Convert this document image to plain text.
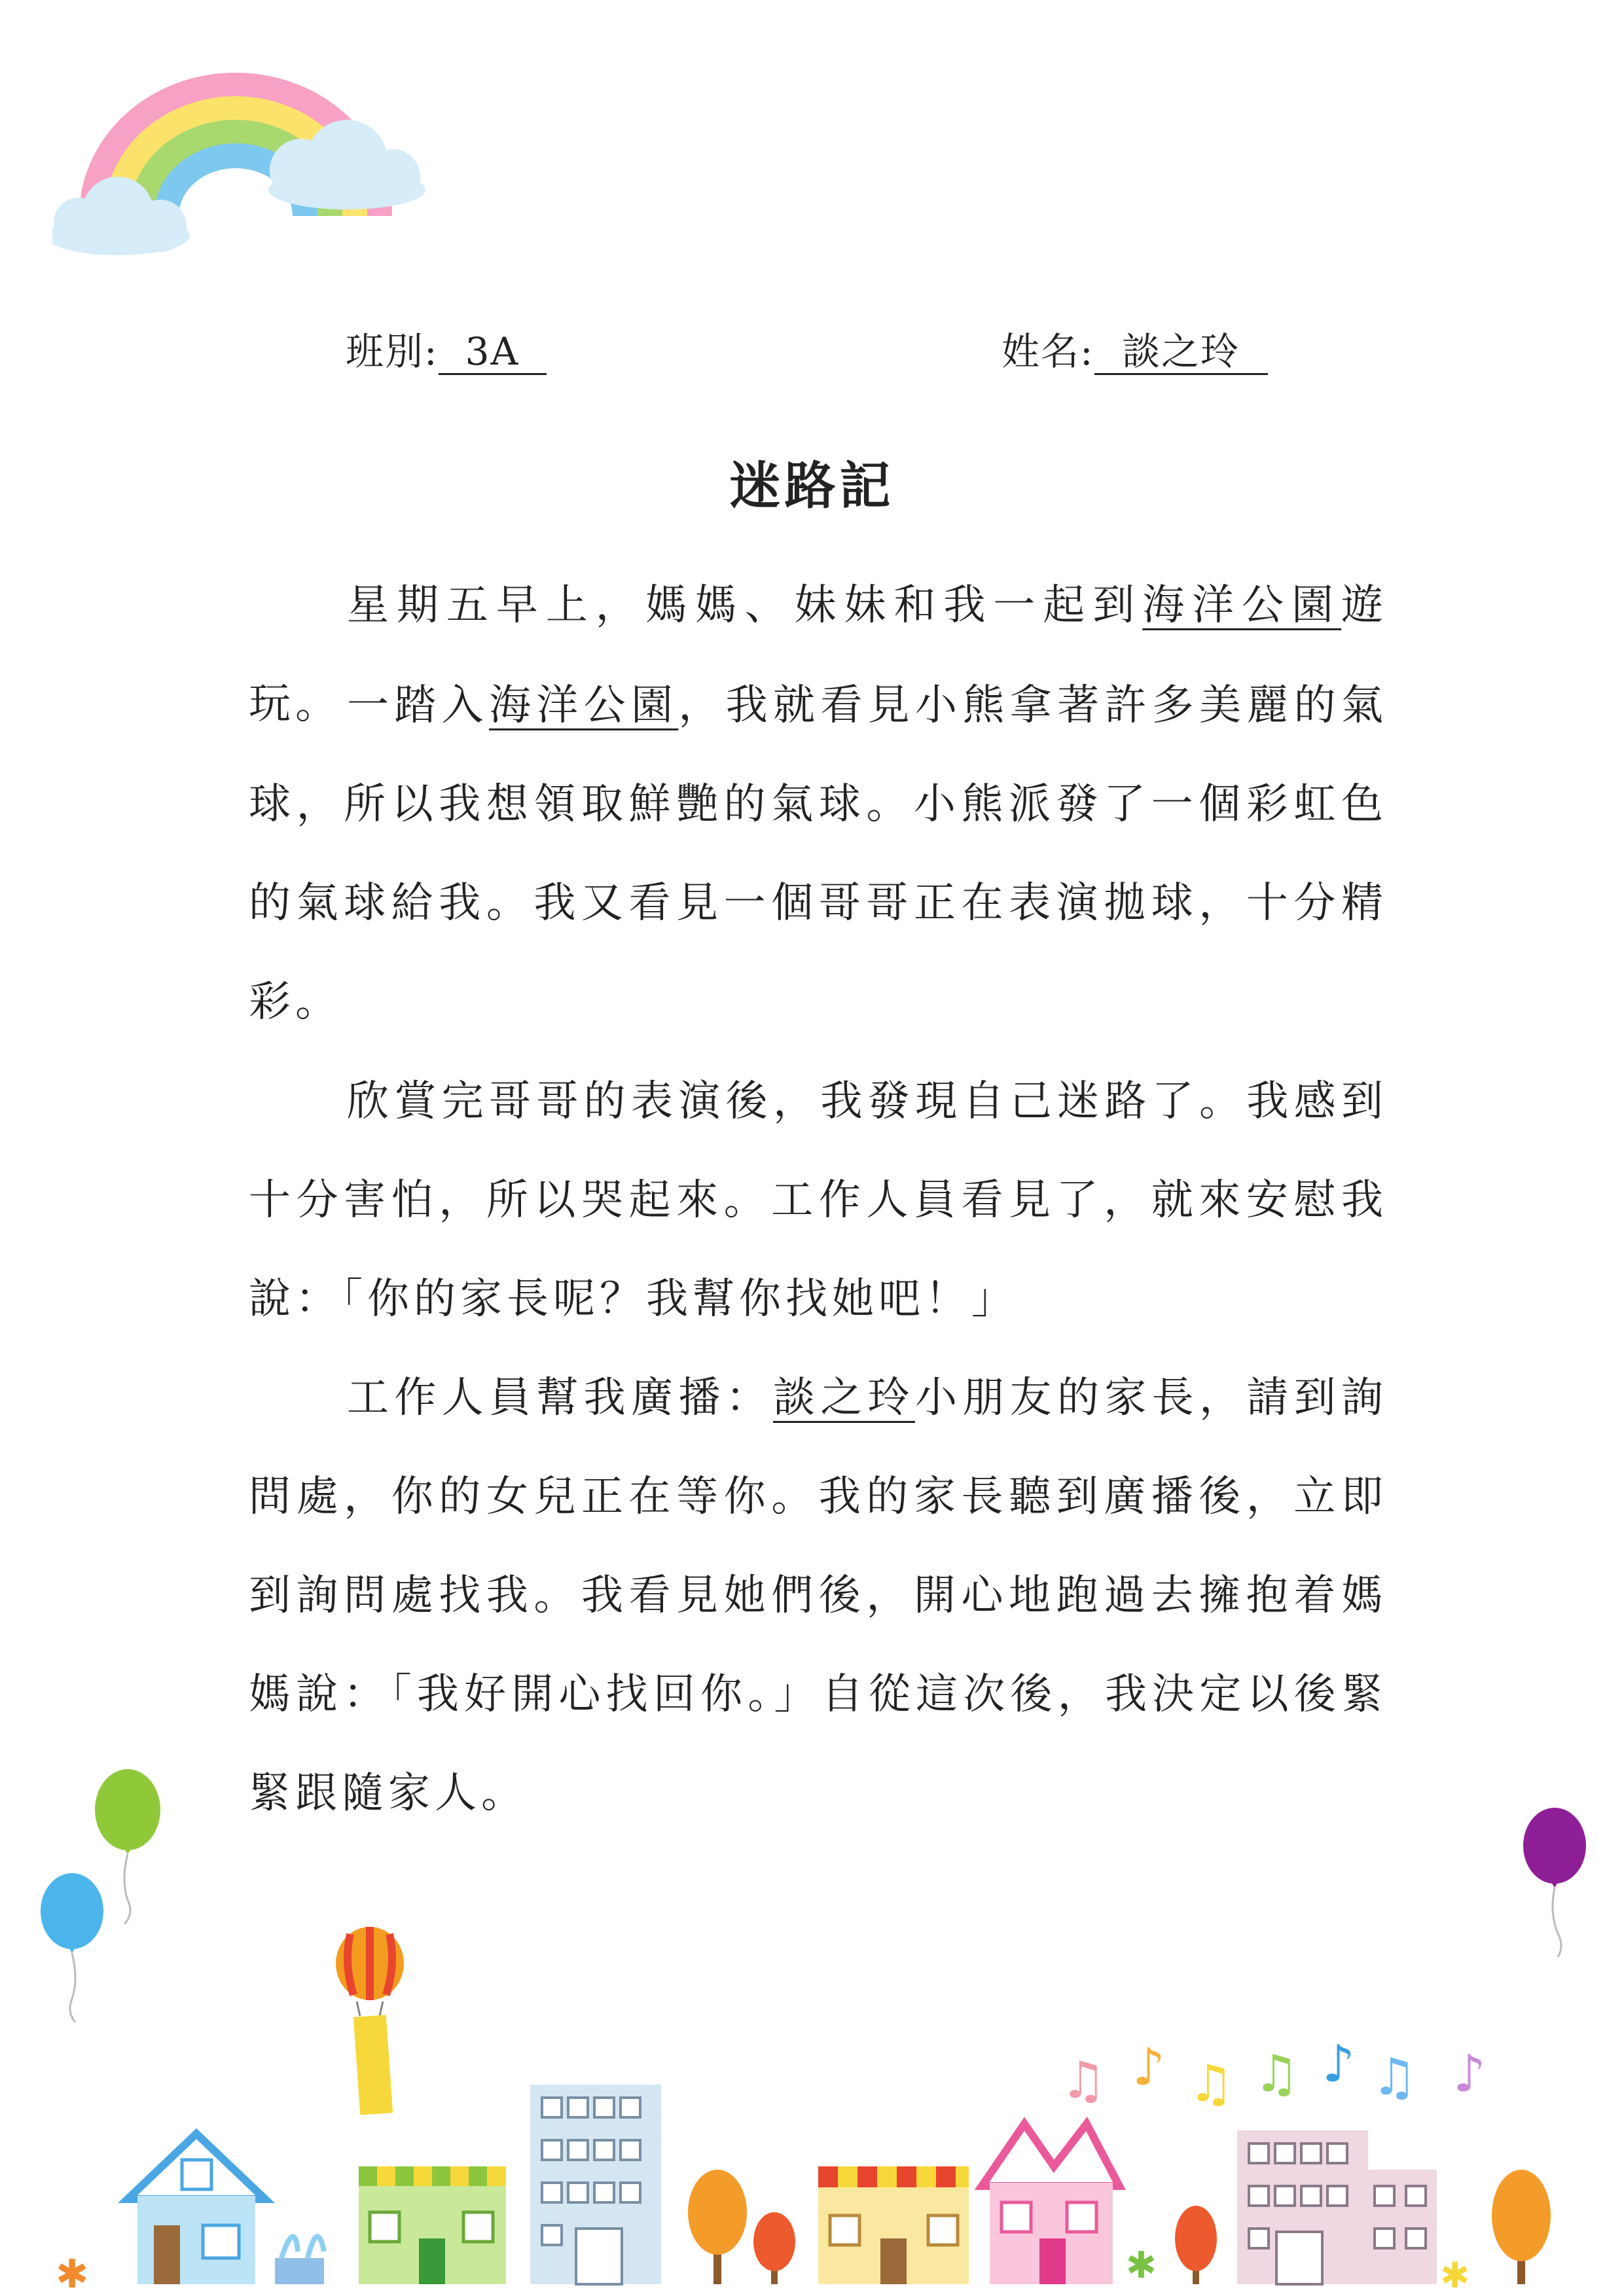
班別: 3A	姓名: 談之玲
迷路記

星期五早上，媽媽、妹妹和我一起到海洋公園遊玩。 一踏入海洋公園，我就看見小熊拿著許多美麗的氣球，所以我想領取鮮艷的氣球。小熊派發了一個彩虹色的氣球給我。我又看見一個哥哥正在表演拋球，十分精彩。

欣賞完哥哥的表演後，我發現自己迷路了。我感到十分害怕，所以哭起來。工作人員看見了，就來安慰我說：「你的家長呢？我幫你找她吧！」

工作人員幫我廣播：談之玲小朋友的家長，請到詢問處，你的女兒正在等你。我的家長聽到廣播後，立即到詢問處找我。我看見她們後，開心地跑過去擁抱着媽媽說：「我好開心找回你。」自從這次後，我決定以後緊緊跟隨家人。

♫ ♪ ♫ ♫ ♪ ♫ ♪
✱	✱	✱
